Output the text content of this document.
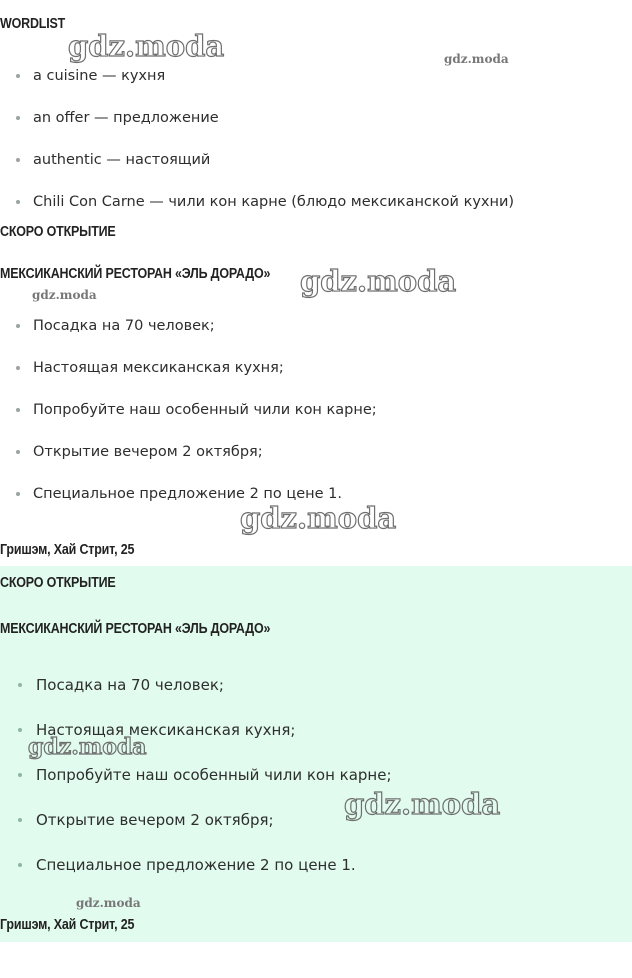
WORDLIST
a cuisine — кухня
an offer — предложение
authentic — настоящий
Chili Con Carne — чили кон карне (блюдо мексиканской кухни)
СКОРО ОТКРЫТИЕ
МЕКСИКАНСКИЙ РЕСТОРАН «ЭЛЬ ДОРАДО»
Посадка на 70 человек;
Настоящая мексиканская кухня;
Попробуйте наш особенный чили кон карне;
Открытие вечером 2 октября;
Специальное предложение 2 по цене 1.
Гришэм, Хай Стрит, 25
СКОРО ОТКРЫТИЕ
МЕКСИКАНСКИЙ РЕСТОРАН «ЭЛЬ ДОРАДО»
Посадка на 70 человек;
Настоящая мексиканская кухня;
Попробуйте наш особенный чили кон карне;
Открытие вечером 2 октября;
Специальное предложение 2 по цене 1.
Гришэм, Хай Стрит, 25
gdz.moda	gdz.moda
gdz.moda
gdz.moda
gdz.moda
gdz.moda
gdz.moda
gdz.moda
